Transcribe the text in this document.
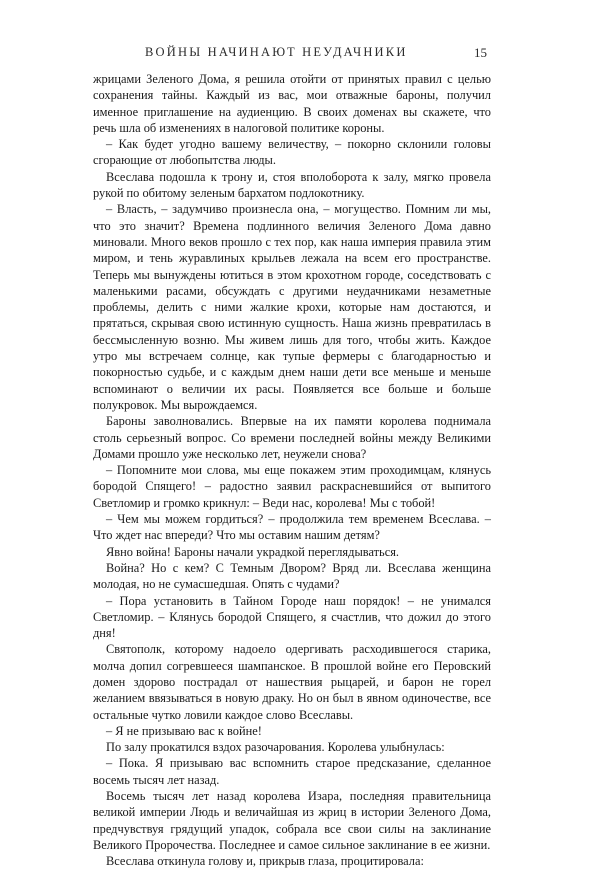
ВОЙНЫ НАЧИНАЮТ НЕУДАЧНИКИ	15

жрицами Зеленого Дома, я решила отойти от принятых правил с целью сохранения тайны. Каждый из вас, мои отважные бароны, получил именное приглашение на аудиенцию. В своих доменах вы скажете, что речь шла об изменениях в налоговой политике короны.

– Как будет угодно вашему величеству, – покорно склонили головы сгорающие от любопытства люды.

Всеслава подошла к трону и, стоя вполоборота к залу, мягко провела рукой по обитому зеленым бархатом подлокотнику.

– Власть, – задумчиво произнесла она, – могущество. Помним ли мы, что это значит? Времена подлинного величия Зеленого Дома давно миновали. Много веков прошло с тех пор, как наша империя правила этим миром, и тень журавлиных крыльев лежала на всем его пространстве. Теперь мы вынуждены ютиться в этом крохотном городе, соседствовать с маленькими расами, обсуждать с другими неудачниками незаметные проблемы, делить с ними жалкие крохи, которые нам достаются, и прятаться, скрывая свою истинную сущность. Наша жизнь превратилась в бессмысленную возню. Мы живем лишь для того, чтобы жить. Каждое утро мы встречаем солнце, как тупые фермеры с благодарностью и покорностью судьбе, и с каждым днем наши дети все меньше и меньше вспоминают о величии их расы. Появляется все больше и больше полукровок. Мы вырождаемся.

Бароны заволновались. Впервые на их памяти королева поднимала столь серьезный вопрос. Со времени последней войны между Великими Домами прошло уже несколько лет, неужели снова?

– Попомните мои слова, мы еще покажем этим проходимцам, клянусь бородой Спящего! – радостно заявил раскрасневшийся от выпитого Светломир и громко крикнул: – Веди нас, королева! Мы с тобой!

– Чем мы можем гордиться? – продолжила тем временем Всеслава. – Что ждет нас впереди? Что мы оставим нашим детям?

Явно война! Бароны начали украдкой переглядываться.

Война? Но с кем? С Темным Двором? Вряд ли. Всеслава женщина молодая, но не сумасшедшая. Опять с чудами?

– Пора установить в Тайном Городе наш порядок! – не унимался Светломир. – Клянусь бородой Спящего, я счастлив, что дожил до этого дня!

Святополк, которому надоело одергивать расходившегося старика, молча допил согревшееся шампанское. В прошлой войне его Перовский домен здорово пострадал от нашествия рыцарей, и барон не горел желанием ввязываться в новую драку. Но он был в явном одиночестве, все остальные чутко ловили каждое слово Всеславы.

– Я не призываю вас к войне!

По залу прокатился вздох разочарования. Королева улыбнулась:

– Пока. Я призываю вас вспомнить старое предсказание, сделанное восемь тысяч лет назад.

Восемь тысяч лет назад королева Изара, последняя правительница великой империи Людь и величайшая из жриц в истории Зеленого Дома, предчувствуя грядущий упадок, собрала все свои силы на заклинание Великого Пророчества. Последнее и самое сильное заклинание в ее жизни.

Всеслава откинула голову и, прикрыв глаза, процитировала:
